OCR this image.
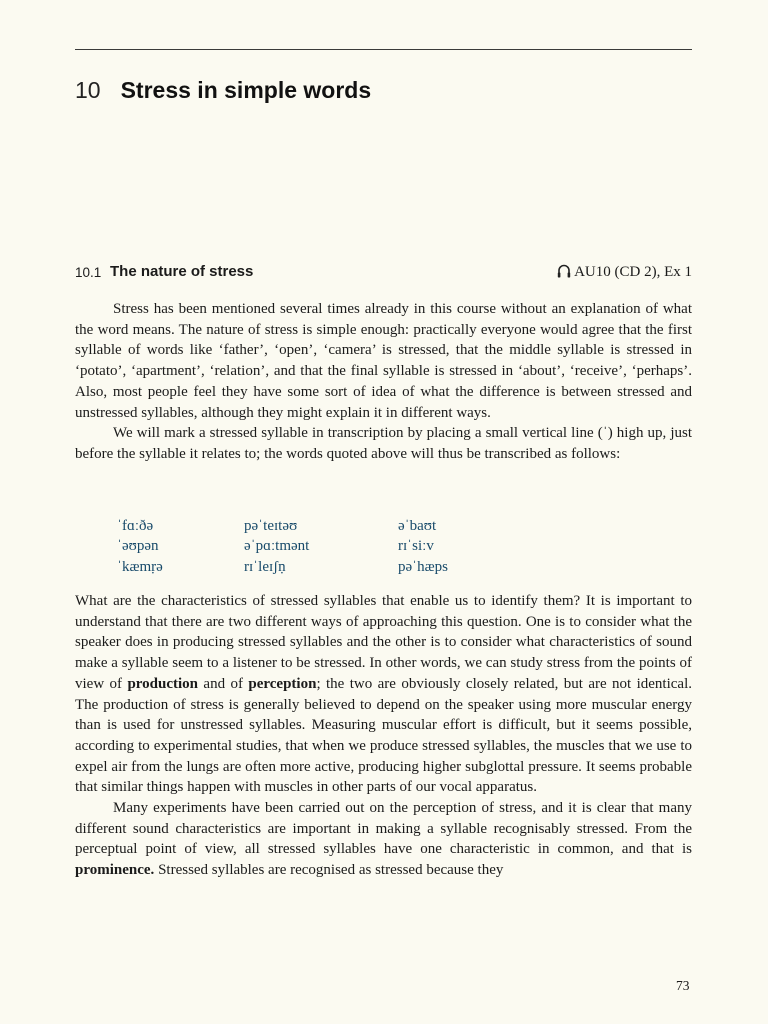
10 Stress in simple words
10.1 The nature of stress	AU10 (CD 2), Ex 1

Stress has been mentioned several times already in this course without an explanation of what the word means. The nature of stress is simple enough: practically everyone would agree that the first syllable of words like ‘father’, ‘open’, ‘camera’ is stressed, that the middle syllable is stressed in ‘potato’, ‘apartment’, ‘relation’, and that the final syllable is stressed in ‘about’, ‘receive’, ‘perhaps’. Also, most people feel they have some sort of idea of what the difference is between stressed and unstressed syllables, although they might explain it in different ways.

We will mark a stressed syllable in transcription by placing a small vertical line (ˈ) high up, just before the syllable it relates to; the words quoted above will thus be transcribed as follows:

ˈfɑːðə	pəˈteɪtəʊ	əˈbaʊt
ˈəʊpən	əˈpɑːtmənt	rɪˈsiːv
ˈkæmṛə	rɪˈleɪʃṇ	pəˈhæps

What are the characteristics of stressed syllables that enable us to identify them? It is important to understand that there are two different ways of approaching this question. One is to consider what the speaker does in producing stressed syllables and the other is to consider what characteristics of sound make a syllable seem to a listener to be stressed. In other words, we can study stress from the points of view of production and of perception; the two are obviously closely related, but are not identical. The production of stress is generally believed to depend on the speaker using more muscular energy than is used for unstressed syllables. Measuring muscular effort is difficult, but it seems possible, according to experimental studies, that when we produce stressed syllables, the muscles that we use to expel air from the lungs are often more active, producing higher subglottal pressure. It seems probable that similar things happen with muscles in other parts of our vocal apparatus.

Many experiments have been carried out on the perception of stress, and it is clear that many different sound characteristics are important in making a syllable recognisably stressed. From the perceptual point of view, all stressed syllables have one characteristic in common, and that is prominence. Stressed syllables are recognised as stressed because they

73
